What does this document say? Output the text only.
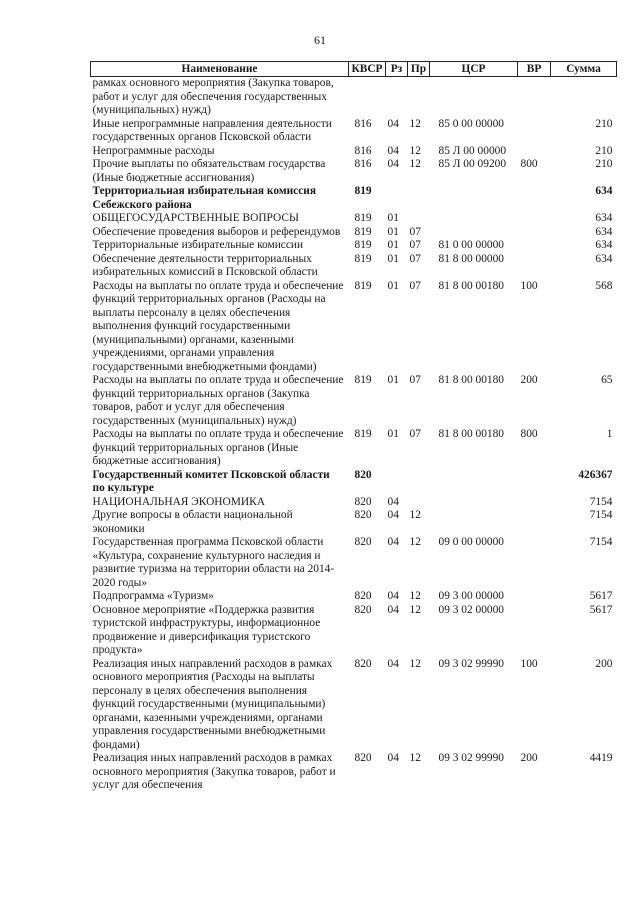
61
Наименование	КВСР	Рз	Пр	ЦСР	ВР	Сумма
рамках основного мероприятия (Закупка товаров, работ и услуг для обеспечения государственных (муниципальных) нужд)						
Иные непрограммные направления деятельности государственных органов Псковской области	816	04	12	85 0 00 00000		210
Непрограммные расходы	816	04	12	85 Л 00 00000		210
Прочие выплаты по обязательствам государства (Иные бюджетные ассигнования)	816	04	12	85 Л 00 09200	800	210
Территориальная избирательная комиссия Себежского района	819					634
ОБЩЕГОСУДАРСТВЕННЫЕ ВОПРОСЫ	819	01				634
Обеспечение проведения выборов и референдумов	819	01	07			634
Территориальные избирательные комиссии	819	01	07	81 0 00 00000		634
Обеспечение деятельности территориальных избирательных комиссий в Псковской области	819	01	07	81 8 00 00000		634
Расходы на выплаты по оплате труда и обеспечение функций территориальных органов (Расходы на выплаты персоналу в целях обеспечения выполнения функций государственными (муниципальными) органами, казенными учреждениями, органами управления государственными внебюджетными фондами)	819	01	07	81 8 00 00180	100	568
Расходы на выплаты по оплате труда и обеспечение функций территориальных органов (Закупка товаров, работ и услуг для обеспечения государственных (муниципальных) нужд)	819	01	07	81 8 00 00180	200	65
Расходы на выплаты по оплате труда и обеспечение функций территориальных органов (Иные бюджетные ассигнования)	819	01	07	81 8 00 00180	800	1
Государственный комитет Псковской области по культуре	820					426367
НАЦИОНАЛЬНАЯ ЭКОНОМИКА	820	04				7154
Другие вопросы в области национальной экономики	820	04	12			7154
Государственная программа Псковской области «Культура, сохранение культурного наследия и развитие туризма на территории области на 2014-2020 годы»	820	04	12	09 0 00 00000		7154
Подпрограмма «Туризм»	820	04	12	09 3 00 00000		5617
Основное мероприятие «Поддержка развития туристской инфраструктуры, информационное продвижение и диверсификация туристского продукта»	820	04	12	09 3 02 00000		5617
Реализация иных направлений расходов в рамках основного мероприятия (Расходы на выплаты персоналу в целях обеспечения выполнения функций государственными (муниципальными) органами, казенными учреждениями, органами управления государственными внебюджетными фондами)	820	04	12	09 3 02 99990	100	200
Реализация иных направлений расходов в рамках основного мероприятия (Закупка товаров, работ и услуг для обеспечения	820	04	12	09 3 02 99990	200	4419
